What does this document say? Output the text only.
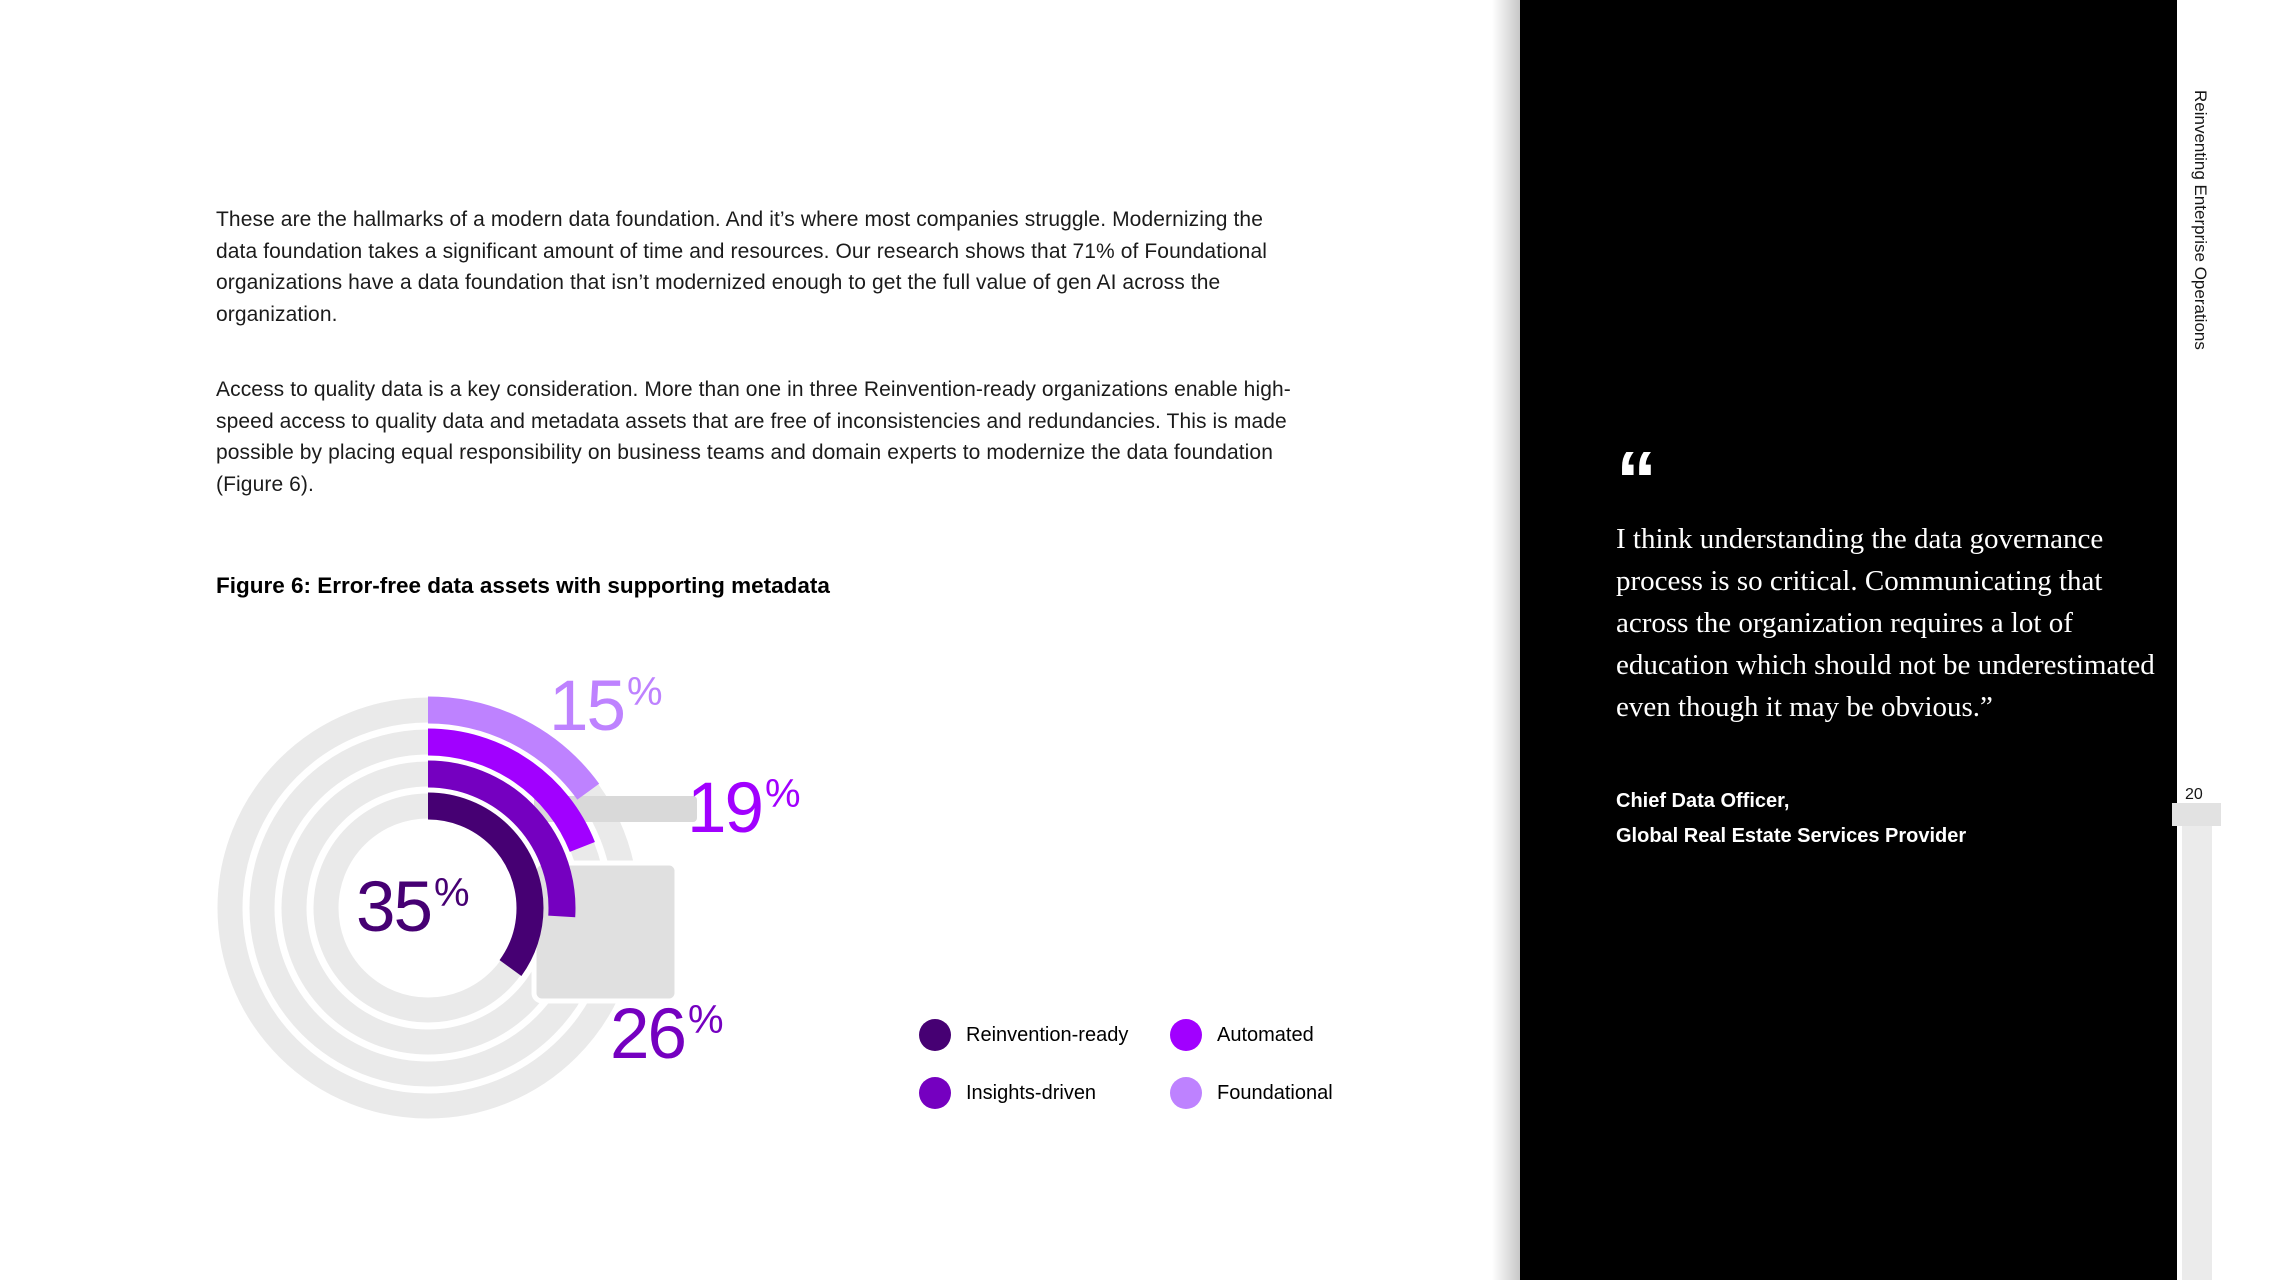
These are the hallmarks of a modern data foundation. And it’s where most companies struggle. Modernizing the data foundation takes a significant amount of time and resources. Our research shows that 71% of Foundational organizations have a data foundation that isn’t modernized enough to get the full value of gen AI across the organization.

Access to quality data is a key consideration. More than one in three Reinvention-ready organizations enable high-speed access to quality data and metadata assets that are free of inconsistencies and redundancies. This is made possible by placing equal responsibility on business teams and domain experts to modernize the data foundation (Figure 6).

Figure 6: Error-free data assets with supporting metadata
35%
15%
19%
26%	Reinvention-ready	Automated
Insights-driven	Foundational
“

I think understanding the data governance process is so critical. Communicating that across the organization requires a lot of education which should not be underestimated even though it may be obvious.”

Chief Data Officer,
Global Real Estate Services Provider
Reinventing Enterprise Operations
20
